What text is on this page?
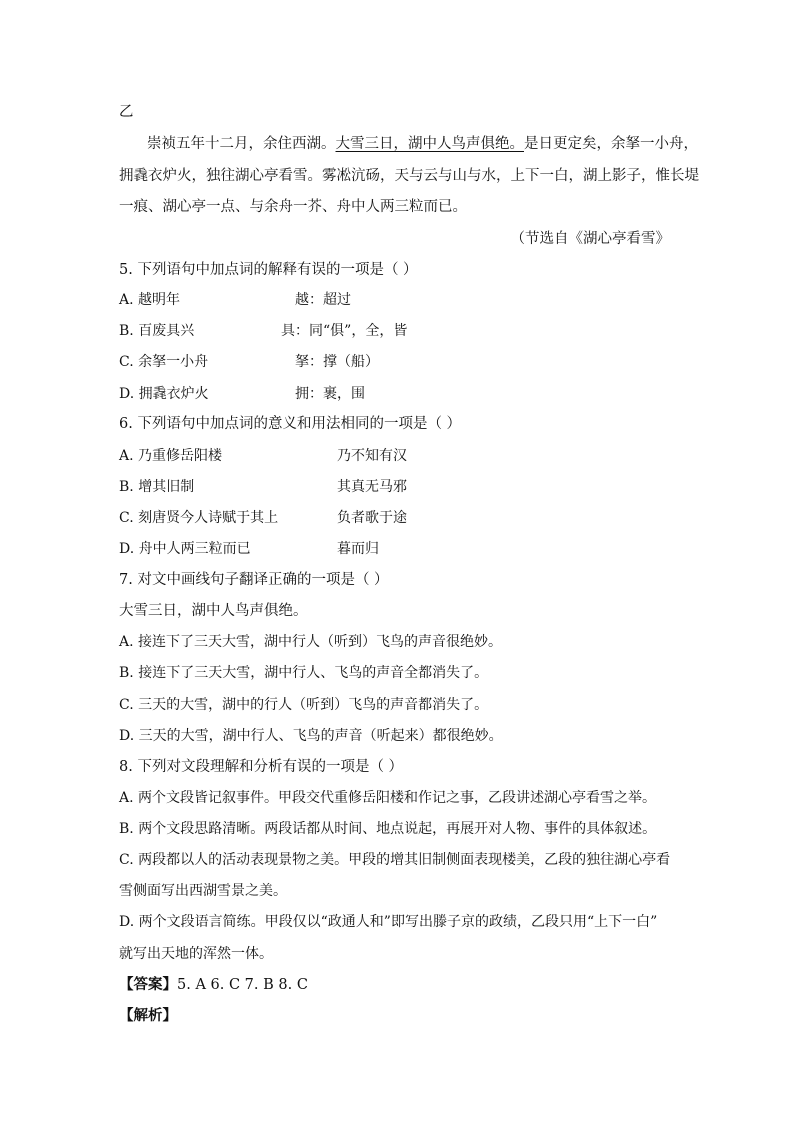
乙
崇祯五年十二月，余住西湖。大雪三日，湖中人鸟声俱绝。是日更定矣，余拏一小舟，
拥毳衣炉火，独往湖心亭看雪。雾凇沆砀，天与云与山与水，上下一白，湖上影子，惟长堤
一痕、湖心亭一点、与余舟一芥、舟中人两三粒而已。
（节选自《湖心亭看雪》
5. 下列语句中加点词的解释有误的一项是（ ）
A. 越明年	越：超过
B. 百废具兴	具：同“俱”，全，皆
C. 余拏一小舟	拏：撑（船）
D. 拥毳衣炉火	拥：裹，围
6. 下列语句中加点词的意义和用法相同的一项是（ ）
A. 乃重修岳阳楼	乃不知有汉
B. 增其旧制	其真无马邪
C. 刻唐贤今人诗赋于其上	负者歌于途
D. 舟中人两三粒而已	暮而归
7. 对文中画线句子翻译正确的一项是（ ）
大雪三日，湖中人鸟声俱绝。
A. 接连下了三天大雪，湖中行人（听到）飞鸟的声音很绝妙。
B. 接连下了三天大雪，湖中行人、飞鸟的声音全都消失了。
C. 三天的大雪，湖中的行人（听到）飞鸟的声音都消失了。
D. 三天的大雪，湖中行人、飞鸟的声音（听起来）都很绝妙。
8. 下列对文段理解和分析有误的一项是（ ）
A. 两个文段皆记叙事件。甲段交代重修岳阳楼和作记之事，乙段讲述湖心亭看雪之举。
B. 两个文段思路清晰。两段话都从时间、地点说起，再展开对人物、事件的具体叙述。
C. 两段都以人的活动表现景物之美。甲段的增其旧制侧面表现楼美，乙段的独往湖心亭看
雪侧面写出西湖雪景之美。
D. 两个文段语言简练。甲段仅以“政通人和”即写出滕子京的政绩，乙段只用“上下一白”
就写出天地的浑然一体。
【答案】5. A 6. C 7. B 8. C
【解析】
